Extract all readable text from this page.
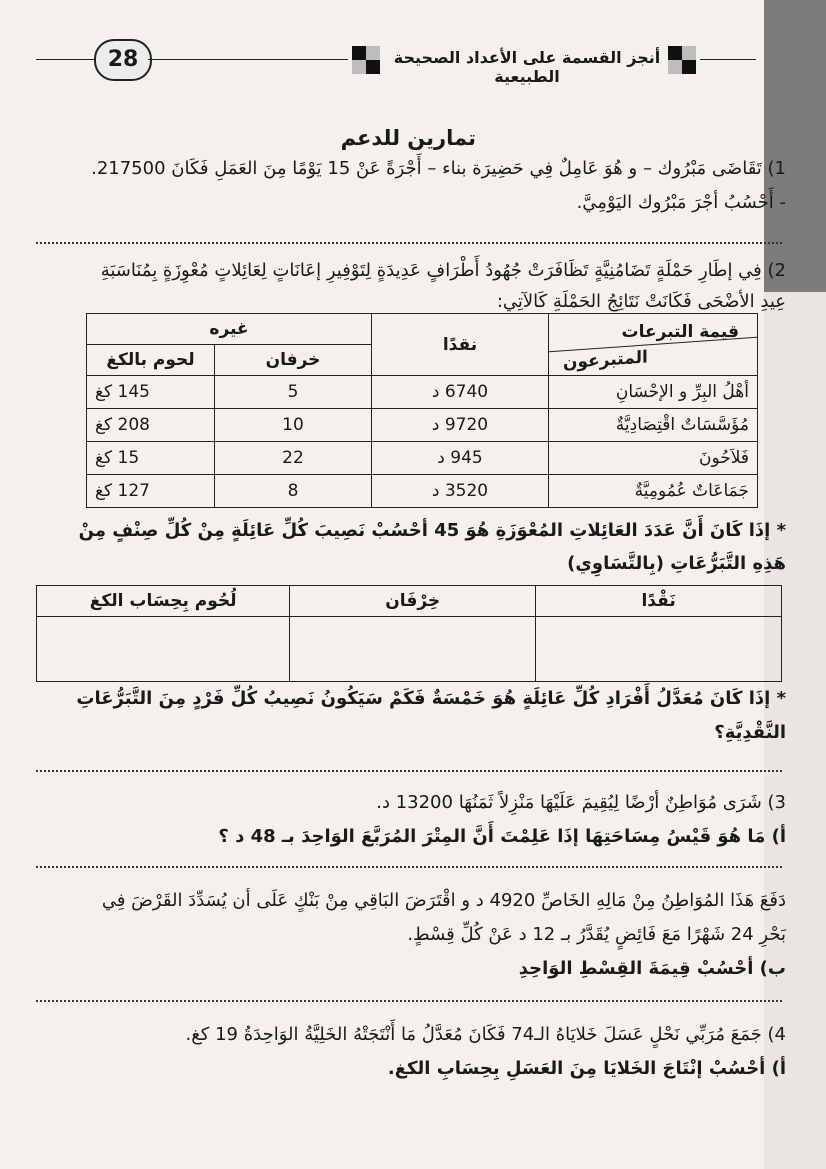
28	أنجز القسمة على الأعداد الصحيحة الطبيعية
تمارين للدعم
1) تَقَاضَى مَبْرُوك – و هُوَ عَامِلٌ فِي حَضِيرَة بناء – أَجْرَةً عَنْ 15 يَوْمًا مِنَ العَمَلِ فَكَانَ 217500.
- أَحْسُبُ أجْرَ مَبْرُوك اليَوْمِيَّ.
2) فِي إطَارِ حَمْلَةٍ تَضَامُنِيَّةٍ تَظَافَرَتْ جُهُودُ أَطْرَافٍ عَدِيدَةٍ لِتَوْفِيرِ إعَانَاتٍ لِعَائِلاتٍ مُعْوِزَةٍ بِمُنَاسَبَةِ
عِيدِ الأضْحَى فَكَانَتْ نَتَائِجُ الحَمْلَةِ كَالآتِي:
قيمة التبرعات
المتبرعون	نقدًا	غيره	
		خرفان	لحوم بالكغ
أهْلُ البِرِّ و الإحْسَانِ	6740 د	5	145 كغ
مُؤَسَّسَاتٌ اقْتِصَادِيَّةٌ	9720 د	10	208 كغ
فَلاَحُونَ	945 د	22	15 كغ
جَمَاعَاتٌ عُمُومِيَّةٌ	3520 د	8	127 كغ
* إذَا كَانَ أَنَّ عَدَدَ العَائِلاتِ المُعْوَزَةِ هُوَ 45 أحْسُبْ نَصِيبَ كُلِّ عَائِلَةٍ مِنْ كُلِّ صِنْفٍ مِنْ
هَذِهِ التَّبَرُّعَاتِ (بِالتَّسَاوِي)
نَقْدًا	خِرْفَان	لُحُوم بِحِسَاب الكغ

* إذَا كَانَ مُعَدَّلُ أَفْرَادِ كُلِّ عَائِلَةٍ هُوَ خَمْسَةٌ فَكَمْ سَيَكُونُ نَصِيبُ كُلِّ فَرْدٍ مِنَ التَّبَرُّعَاتِ
النَّقْدِيَّةِ؟
3) شَرَى مُوَاطِنٌ أرْضًا لِيُقِيمَ عَلَيْهَا مَنْزِلاً ثَمَنُهَا 13200 د.
أ) مَا هُوَ قَيْسُ مِسَاحَتِهَا إذَا عَلِمْتَ أَنَّ المِتْرَ المُرَبَّعَ الوَاحِدَ بـ 48 د ؟
دَفَعَ هَذَا المُوَاطِنُ مِنْ مَالِهِ الخَاصِّ 4920 د و اقْتَرَضَ البَاقِي مِنْ بَنْكٍ عَلَى أن يُسَدِّدَ القَرْضَ فِي
بَحْرِ 24 شَهْرًا مَعَ فَائِضٍ يُقَدَّرُ بـ 12 د عَنْ كُلِّ قِسْطٍ.
ب) أحْسُبْ قِيمَةَ القِسْطِ الوَاحِدِ
4) جَمَعَ مُرَبِّي نَحْلٍ عَسَلَ خَلايَاهُ الـ74 فَكَانَ مُعَدَّلُ مَا أَنْتَجَتْهُ الخَلِيَّةُ الوَاحِدَةُ 19 كغ.
أ) أحْسُبْ إنْتَاجَ الخَلايَا مِنَ العَسَلِ بِحِسَابِ الكغ.
